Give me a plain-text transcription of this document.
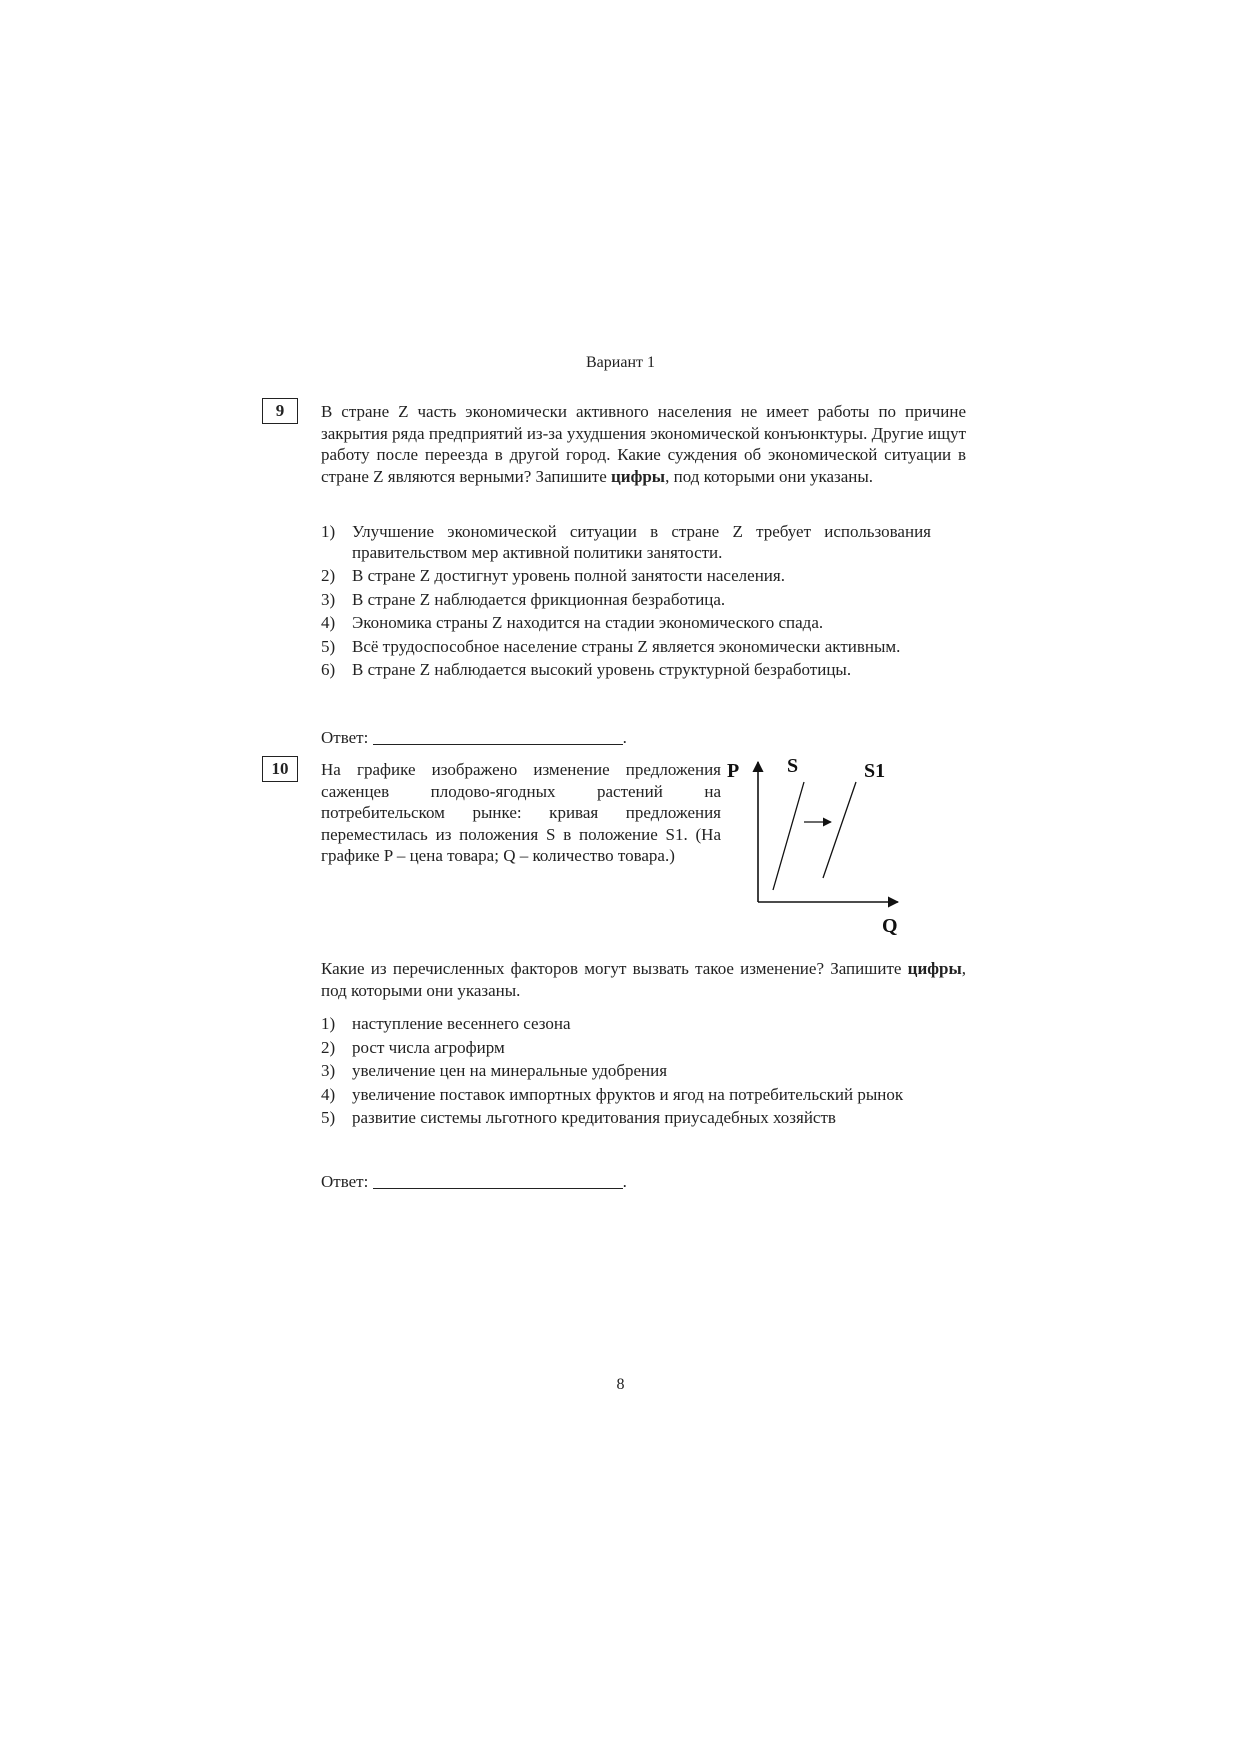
Вариант 1
9	В стране Z часть экономически активного населения не имеет работы по причине закрытия ряда предприятий из-за ухудшения экономической конъюнктуры. Другие ищут работу после переезда в другой город. Какие суждения об экономической ситуации в стране Z являются верными? Запишите цифры, под которыми они указаны.
1) Улучшение экономической ситуации в стране Z требует использования правительством мер активной политики занятости.
2) В стране Z достигнут уровень полной занятости населения.
3) В стране Z наблюдается фрикционная безработица.
4) Экономика страны Z находится на стадии экономического спада.
5) Всё трудоспособное население страны Z является экономически активным.
6) В стране Z наблюдается высокий уровень структурной безработицы.
Ответ:	.
10	На графике изображено изменение предложения саженцев плодово-ягодных растений на потребительском рынке: кривая предложения переместилась из положения S в положение S1. (На графике P – цена товара; Q – количество товара.)
P
Q
S	S1
Какие из перечисленных факторов могут вызвать такое изменение? Запишите цифры, под которыми они указаны.
1) наступление весеннего сезона
2) рост числа агрофирм
3) увеличение цен на минеральные удобрения
4) увеличение поставок импортных фруктов и ягод на потребительский рынок
5) развитие системы льготного кредитования приусадебных хозяйств
Ответ:	.
8
